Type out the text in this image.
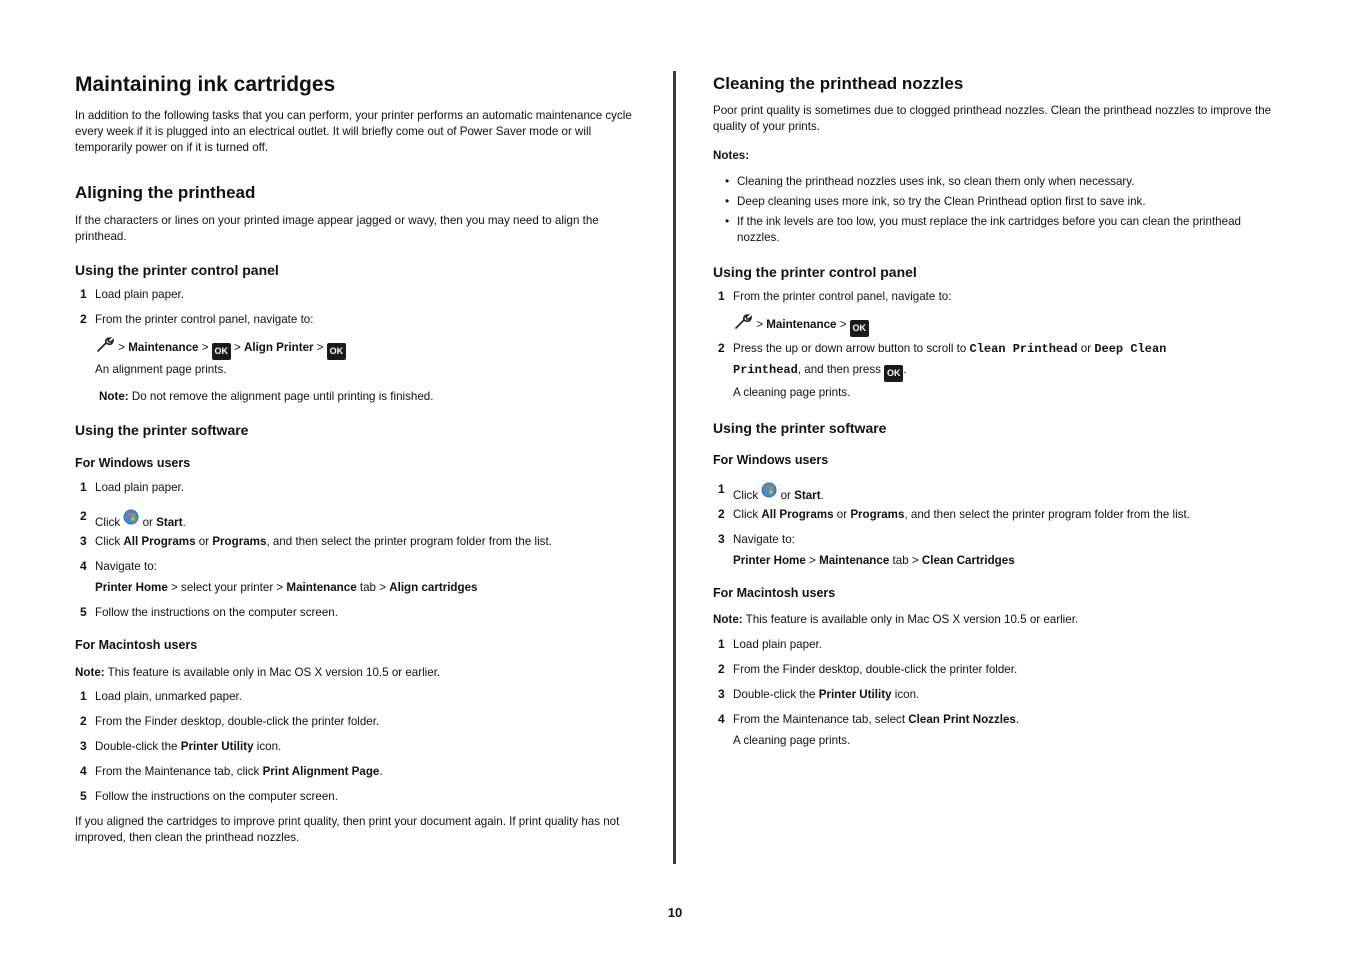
Maintaining ink cartridges
In addition to the following tasks that you can perform, your printer performs an automatic maintenance cycle every week if it is plugged into an electrical outlet. It will briefly come out of Power Saver mode or will temporarily power on if it is turned off.
Aligning the printhead
If the characters or lines on your printed image appear jagged or wavy, then you may need to align the printhead.
Using the printer control panel
1 Load plain paper.
2 From the printer control panel, navigate to:
> Maintenance > OK > Align Printer > OK
An alignment page prints.
Note: Do not remove the alignment page until printing is finished.
Using the printer software
For Windows users
1 Load plain paper.
2 Click or Start.
3 Click All Programs or Programs, and then select the printer program folder from the list.
4 Navigate to:
Printer Home > select your printer > Maintenance tab > Align cartridges
5 Follow the instructions on the computer screen.
For Macintosh users
Note: This feature is available only in Mac OS X version 10.5 or earlier.
1 Load plain, unmarked paper.
2 From the Finder desktop, double-click the printer folder.
3 Double-click the Printer Utility icon.
4 From the Maintenance tab, click Print Alignment Page.
5 Follow the instructions on the computer screen.
If you aligned the cartridges to improve print quality, then print your document again. If print quality has not improved, then clean the printhead nozzles.
Cleaning the printhead nozzles
Poor print quality is sometimes due to clogged printhead nozzles. Clean the printhead nozzles to improve the quality of your prints.
Notes:
• Cleaning the printhead nozzles uses ink, so clean them only when necessary.
• Deep cleaning uses more ink, so try the Clean Printhead option first to save ink.
• If the ink levels are too low, you must replace the ink cartridges before you can clean the printhead nozzles.
Using the printer control panel
1 From the printer control panel, navigate to:
> Maintenance > OK
2 Press the up or down arrow button to scroll to Clean Printhead or Deep Clean
Printhead, and then press OK .
A cleaning page prints.
Using the printer software
For Windows users
1 Click or Start.
2 Click All Programs or Programs, and then select the printer program folder from the list.
3 Navigate to:
Printer Home > Maintenance tab > Clean Cartridges
For Macintosh users
Note: This feature is available only in Mac OS X version 10.5 or earlier.
1 Load plain paper.
2 From the Finder desktop, double-click the printer folder.
3 Double-click the Printer Utility icon.
4 From the Maintenance tab, select Clean Print Nozzles.
A cleaning page prints.
10
